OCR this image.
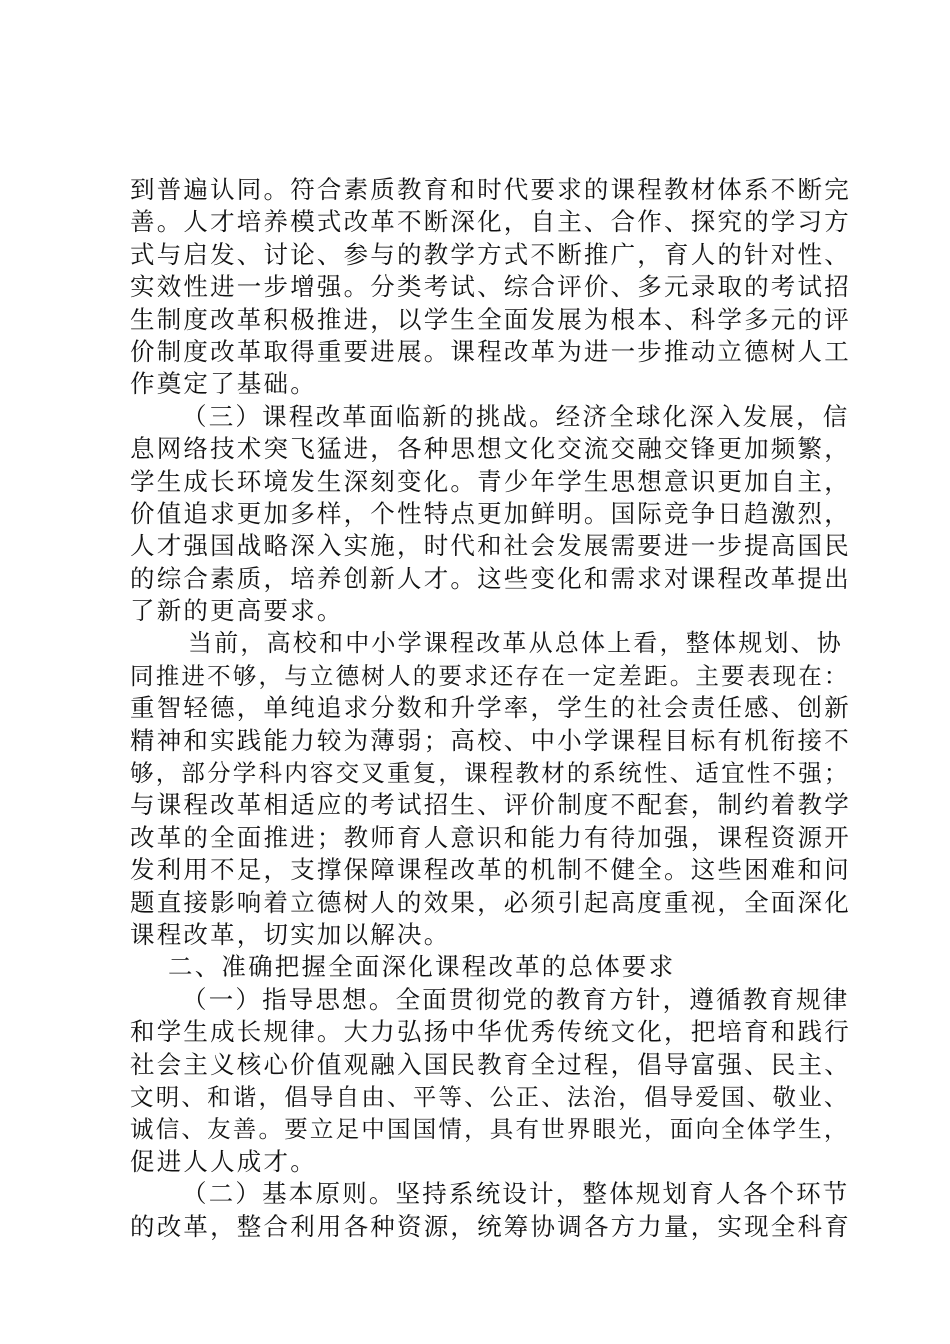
到普遍认同。符合素质教育和时代要求的课程教材体系不断完
善。人才培养模式改革不断深化，自主、合作、探究的学习方
式与启发、讨论、参与的教学方式不断推广，育人的针对性、
实效性进一步增强。分类考试、综合评价、多元录取的考试招
生制度改革积极推进，以学生全面发展为根本、科学多元的评
价制度改革取得重要进展。课程改革为进一步推动立德树人工
作奠定了基础。
（三）课程改革面临新的挑战。经济全球化深入发展，信
息网络技术突飞猛进，各种思想文化交流交融交锋更加频繁，
学生成长环境发生深刻变化。青少年学生思想意识更加自主，
价值追求更加多样，个性特点更加鲜明。国际竞争日趋激烈，
人才强国战略深入实施，时代和社会发展需要进一步提高国民
的综合素质，培养创新人才。这些变化和需求对课程改革提出
了新的更高要求。
当前，高校和中小学课程改革从总体上看，整体规划、协
同推进不够，与立德树人的要求还存在一定差距。主要表现在：
重智轻德，单纯追求分数和升学率，学生的社会责任感、创新
精神和实践能力较为薄弱；高校、中小学课程目标有机衔接不
够，部分学科内容交叉重复，课程教材的系统性、适宜性不强；
与课程改革相适应的考试招生、评价制度不配套，制约着教学
改革的全面推进；教师育人意识和能力有待加强，课程资源开
发利用不足，支撑保障课程改革的机制不健全。这些困难和问
题直接影响着立德树人的效果，必须引起高度重视，全面深化
课程改革，切实加以解决。
二、准确把握全面深化课程改革的总体要求
（一）指导思想。全面贯彻党的教育方针，遵循教育规律
和学生成长规律。大力弘扬中华优秀传统文化，把培育和践行
社会主义核心价值观融入国民教育全过程，倡导富强、民主、
文明、和谐，倡导自由、平等、公正、法治，倡导爱国、敬业、
诚信、友善。要立足中国国情，具有世界眼光，面向全体学生，
促进人人成才。
（二）基本原则。坚持系统设计，整体规划育人各个环节
的改革，整合利用各种资源，统筹协调各方力量，实现全科育
